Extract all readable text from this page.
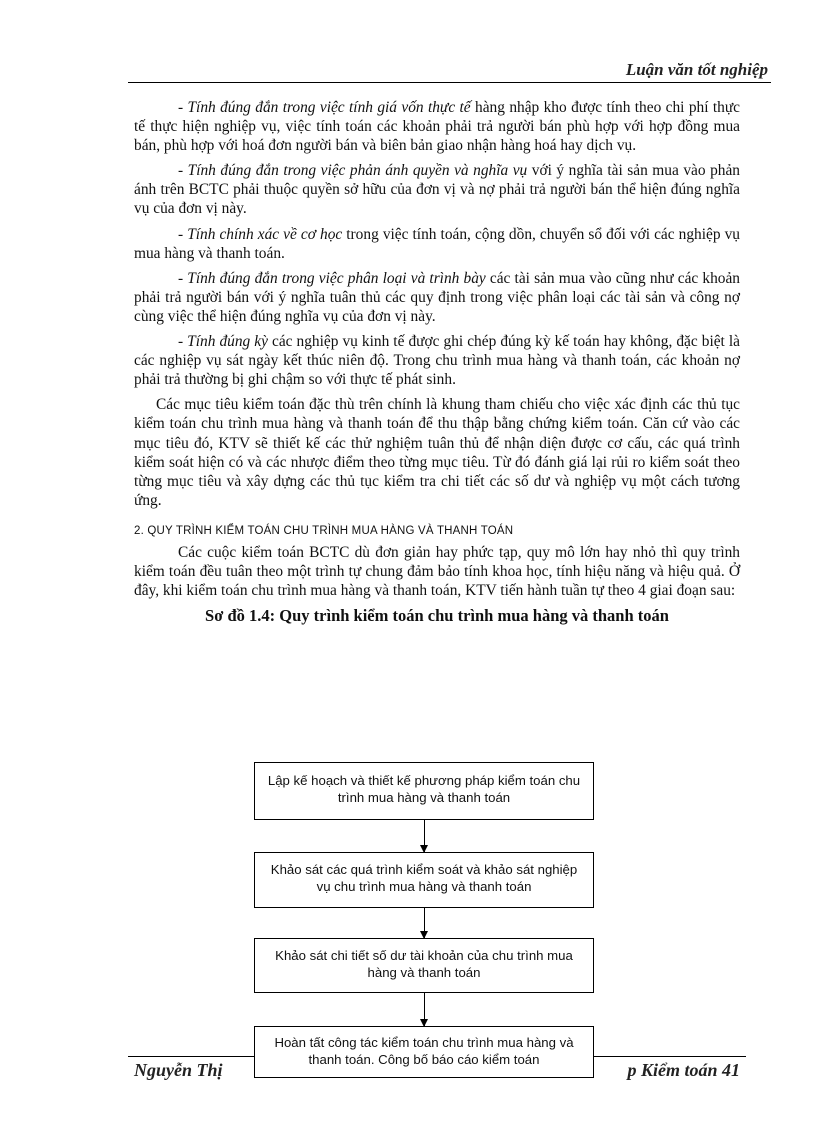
Luận văn tốt nghiệp

- Tính đúng đắn trong việc tính giá vốn thực tế hàng nhập kho được tính theo chi phí thực tế thực hiện nghiệp vụ, việc tính toán các khoản phải trả người bán phù hợp với hợp đồng mua bán, phù hợp với hoá đơn người bán và biên bản giao nhận hàng hoá hay dịch vụ.

- Tính đúng đắn trong việc phản ánh quyền và nghĩa vụ với ý nghĩa tài sản mua vào phản ánh trên BCTC phải thuộc quyền sở hữu của đơn vị và nợ phải trả người bán thể hiện đúng nghĩa vụ của đơn vị này.

- Tính chính xác về cơ học trong việc tính toán, cộng dồn, chuyển sổ đối với các nghiệp vụ mua hàng và thanh toán.

- Tính đúng đắn trong việc phân loại và trình bày các tài sản mua vào cũng như các khoản phải trả người bán với ý nghĩa tuân thủ các quy định trong việc phân loại các tài sản và công nợ cùng việc thể hiện đúng nghĩa vụ của đơn vị này.

- Tính đúng kỳ các nghiệp vụ kinh tế được ghi chép đúng kỳ kế toán hay không, đặc biệt là các nghiệp vụ sát ngày kết thúc niên độ. Trong chu trình mua hàng và thanh toán, các khoản nợ phải trả thường bị ghi chậm so với thực tế phát sinh.

Các mục tiêu kiểm toán đặc thù trên chính là khung tham chiếu cho việc xác định các thủ tục kiểm toán chu trình mua hàng và thanh toán để thu thập bằng chứng kiểm toán. Căn cứ vào các mục tiêu đó, KTV sẽ thiết kế các thử nghiệm tuân thủ để nhận diện được cơ cấu, các quá trình kiểm soát hiện có và các nhược điểm theo từng mục tiêu. Từ đó đánh giá lại rủi ro kiểm soát theo từng mục tiêu và xây dựng các thủ tục kiểm tra chi tiết các số dư và nghiệp vụ một cách tương ứng.

2. QUY TRÌNH KIỂM TOÁN CHU TRÌNH MUA HÀNG VÀ THANH TOÁN

Các cuộc kiểm toán BCTC dù đơn giản hay phức tạp, quy mô lớn hay nhỏ thì quy trình kiểm toán đều tuân theo một trình tự chung đảm bảo tính khoa học, tính hiệu năng và hiệu quả. Ở đây, khi kiểm toán chu trình mua hàng và thanh toán, KTV tiến hành tuần tự theo 4 giai đoạn sau:

Sơ đồ 1.4: Quy trình kiểm toán chu trình mua hàng và thanh toán

Lập kế hoạch và thiết kế phương pháp kiểm toán chu trình mua hàng và thanh toán
Khảo sát các quá trình kiểm soát và khảo sát nghiệp vụ chu trình mua hàng và thanh toán
Khảo sát chi tiết số dư tài khoản của chu trình mua hàng và thanh toán
Hoàn tất công tác kiểm toán chu trình mua hàng và thanh toán. Công bố báo cáo kiểm toán
Nguyễn Thị	p Kiểm toán 41
